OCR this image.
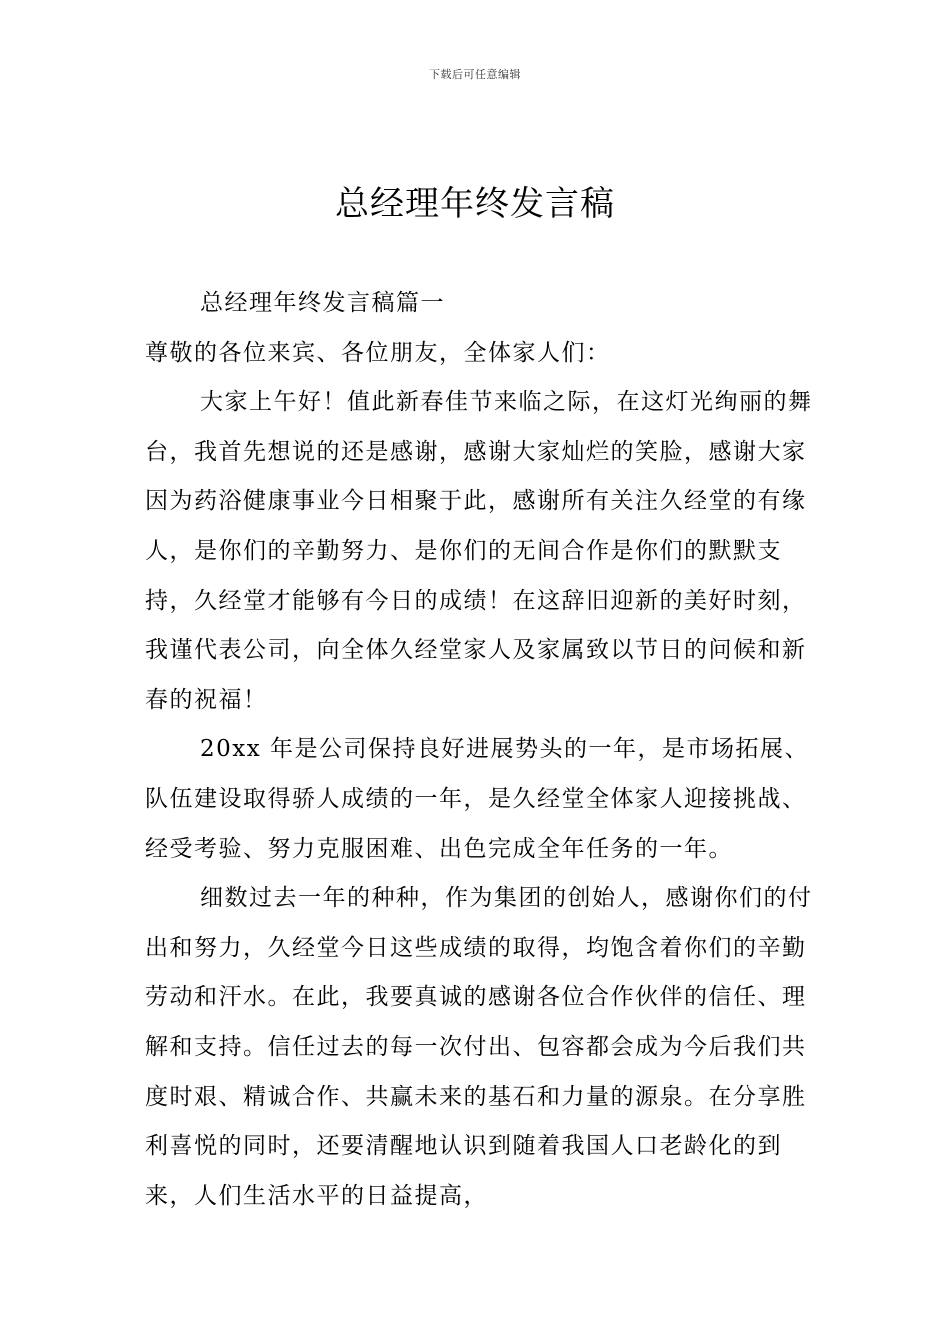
下载后可任意编辑
总经理年终发言稿

总经理年终发言稿篇一

尊敬的各位来宾、各位朋友，全体家人们：

大家上午好！值此新春佳节来临之际，在这灯光绚丽的舞台，我首先想说的还是感谢，感谢大家灿烂的笑脸，感谢大家因为药浴健康事业今日相聚于此，感谢所有关注久经堂的有缘人，是你们的辛勤努力、是你们的无间合作是你们的默默支持，久经堂才能够有今日的成绩！在这辞旧迎新的美好时刻，我谨代表公司，向全体久经堂家人及家属致以节日的问候和新春的祝福！

20xx 年是公司保持良好进展势头的一年，是市场拓展、队伍建设取得骄人成绩的一年，是久经堂全体家人迎接挑战、经受考验、努力克服困难、出色完成全年任务的一年。

细数过去一年的种种，作为集团的创始人，感谢你们的付出和努力，久经堂今日这些成绩的取得，均饱含着你们的辛勤劳动和汗水。在此，我要真诚的感谢各位合作伙伴的信任、理解和支持。信任过去的每一次付出、包容都会成为今后我们共度时艰、精诚合作、共赢未来的基石和力量的源泉。在分享胜利喜悦的同时，还要清醒地认识到随着我国人口老龄化的到来，人们生活水平的日益提高，
